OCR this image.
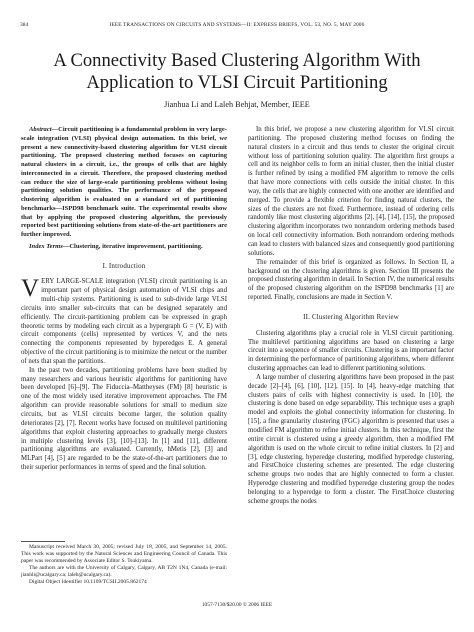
384	IEEE TRANSACTIONS ON CIRCUITS AND SYSTEMS—II: EXPRESS BRIEFS, VOL. 53, NO. 5, MAY 2006
A Connectivity Based Clustering Algorithm With Application to VLSI Circuit Partitioning
Jianhua Li and Laleh Behjat, Member, IEEE

Abstract—Circuit partitioning is a fundamental problem in very large-scale integration (VLSI) physical design automation. In this brief, we present a new connectivity-based clustering algorithm for VLSI circuit partitioning. The proposed clustering method focuses on capturing natural clusters in a circuit, i.e., the groups of cells that are highly interconnected in a circuit. Therefore, the proposed clustering method can reduce the size of large-scale partitioning problems without losing partitioning solution qualities. The performance of the proposed clustering algorithm is evaluated on a standard set of partitioning benchmarks—ISPD98 benchmark suite. The experimental results show that by applying the proposed clustering algorithm, the previously reported best partitioning solutions from state-of-the-art partitioners are further improved.

Index Terms—Clustering, iterative improvement, partitioning.

I. Introduction

VERY LARGE-SCALE integration (VLSI) circuit partitioning is an important part of physical design automation of VLSI chips and multi-chip systems. Partitioning is used to sub-divide large VLSI circuits into smaller sub-circuits that can be designed separately and efficiently. The circuit-partitioning problem can be expressed in graph theoretic terms by modeling each circuit as a hypergraph G = (V, E) with circuit components (cells) represented by vertices V, and the nets connecting the components represented by hyperedges E. A general objective of the circuit partitioning is to minimize the netcut or the number of nets that span the partitions.

In the past two decades, partitioning problems have been studied by many researchers and various heuristic algorithms for partitioning have been developed [6]–[9]. The Fiduccia–Mattheyses (FM) [8] heuristic is one of the most widely used iterative improvement approaches. The FM algorithm can provide reasonable solutions for small to medium size circuits, but as VLSI circuits become larger, the solution quality deteriorates [2], [7]. Recent works have focused on multilevel partitioning algorithms that exploit clustering approaches to gradually merge clusters in multiple clustering levels [3], [10]–[13]. In [1] and [11], different partitioning algorithms are evaluated. Currently, hMetis [2], [3] and MLPart [4], [5] are regarded to be the state-of-the-art partitioners due to their superior performances in terms of speed and the final solution.

Manuscript received March 30, 2005; revised July 18, 2005, and September 14, 2005. This work was supported by the Natural Sciences and Engineering Council of Canada. This paper was recommended by Associate Editor S. Tsukiyama.

The authors are with the University of Calgary, Calgary, AB T2N 1N4, Canada (e-mail: jianhli@ucalgary.ca; laleh@ucalgary.ca).

Digital Object Identifier 10.1109/TCSII.2005.862174

In this brief, we propose a new clustering algorithm for VLSI circuit partitioning. The proposed clustering method focuses on finding the natural clusters in a circuit and thus tends to cluster the original circuit without loss of partitioning solution quality. The algorithm first groups a cell and its neighbor cells to form an initial cluster, then the initial cluster is further refined by using a modified FM algorithm to remove the cells that have more connections with cells outside the initial cluster. In this way, the cells that are highly connected with one another are identified and merged. To provide a flexible criterion for finding natural clusters, the sizes of the clusters are not fixed. Furthermore, instead of ordering cells randomly like most clustering algorithms [2], [4], [14], [15], the proposed clustering algorithm incorporates two nonrandom ordering methods based on local cell connectivity information. Both nonrandom ordering methods can lead to clusters with balanced sizes and consequently good partitioning solutions.

The remainder of this brief is organized as follows. In Section II, a background on the clustering algorithms is given. Section III presents the proposed clustering algorithm in detail. In Section IV, the numerical results of the proposed clustering algorithm on the ISPD98 benchmarks [1] are reported. Finally, conclusions are made in Section V.

II. Clustering Algorithm Review

Clustering algorithms play a crucial role in VLSI circuit partitioning. The multilevel partitioning algorithms are based on clustering a large circuit into a sequence of smaller circuits. Clustering is an important factor in determining the performance of partitioning algorithms, where different clustering approaches can lead to different partitioning solutions.

A large number of clustering algorithms have been proposed in the past decade [2]–[4], [6], [10], [12], [15]. In [4], heavy-edge matching that clusters pairs of cells with highest connectivity is used. In [10], the clustering is done based on edge separability. This technique uses a graph model and exploits the global connectivity information for clustering. In [15], a fine granularity clustering (FGC) algorithm is presented that uses a modified FM algorithm to refine initial clusters. In this technique, first the entire circuit is clustered using a greedy algorithm, then a modified FM algorithm is used on the whole circuit to refine initial clusters. In [2] and [3], edge clustering, hyperedge clustering, modified hyperedge clustering, and FirstChoice clustering schemes are presented. The edge clustering scheme groups two nodes that are highly connected to form a cluster. Hyperedge clustering and modified hyperedge clustering group the nodes belonging to a hyperedge to form a cluster. The FirstChoice clustering scheme groups the nodes

1057-7130/$20.00 © 2006 IEEE
